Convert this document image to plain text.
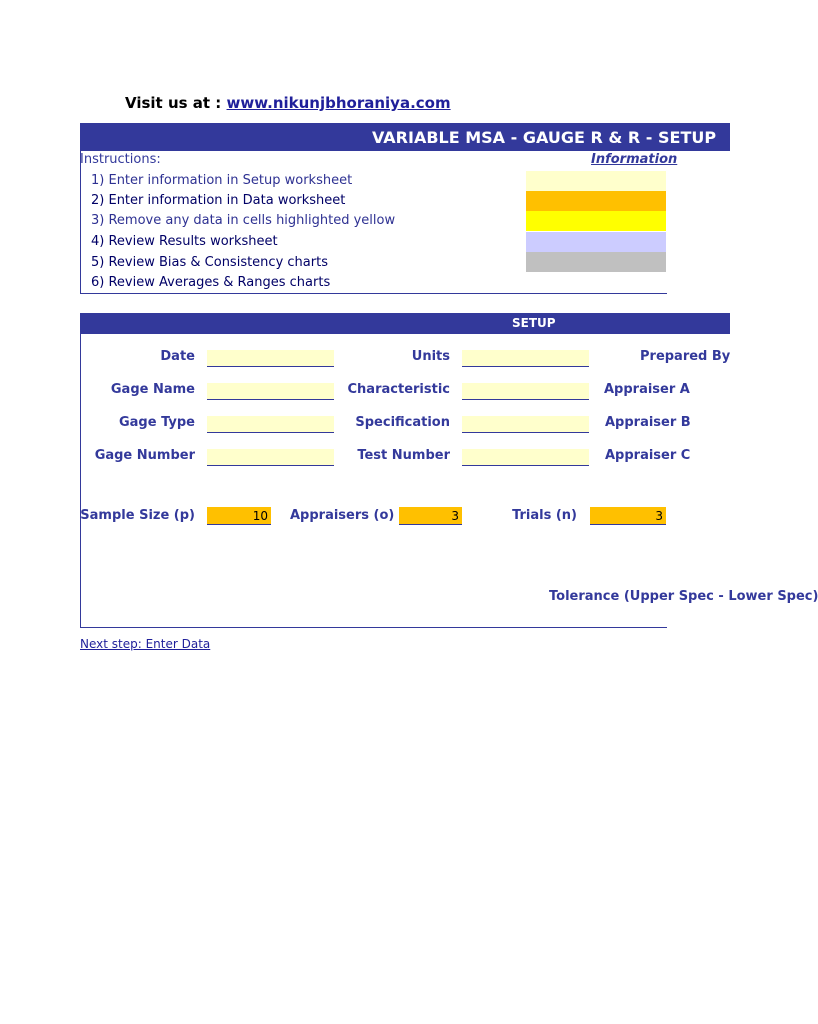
Visit us at : www.nikunjbhoraniya.com
VARIABLE MSA - GAUGE R & R - SETUP
Instructions:	Information
1) Enter information in Setup worksheet
2) Enter information in Data worksheet
3) Remove any data in cells highlighted yellow
4) Review Results worksheet
5) Review Bias & Consistency charts
6) Review Averages & Ranges charts
SETUP
Date	Units	Prepared By
Gage Name	Characteristic	Appraiser A
Gage Type	Specification	Appraiser B
Gage Number	Test Number	Appraiser C
Sample Size (p)	10 Appraisers (o)	3	Trials (n)	3
Tolerance (Upper Spec - Lower Spec)
Next step: Enter Data
